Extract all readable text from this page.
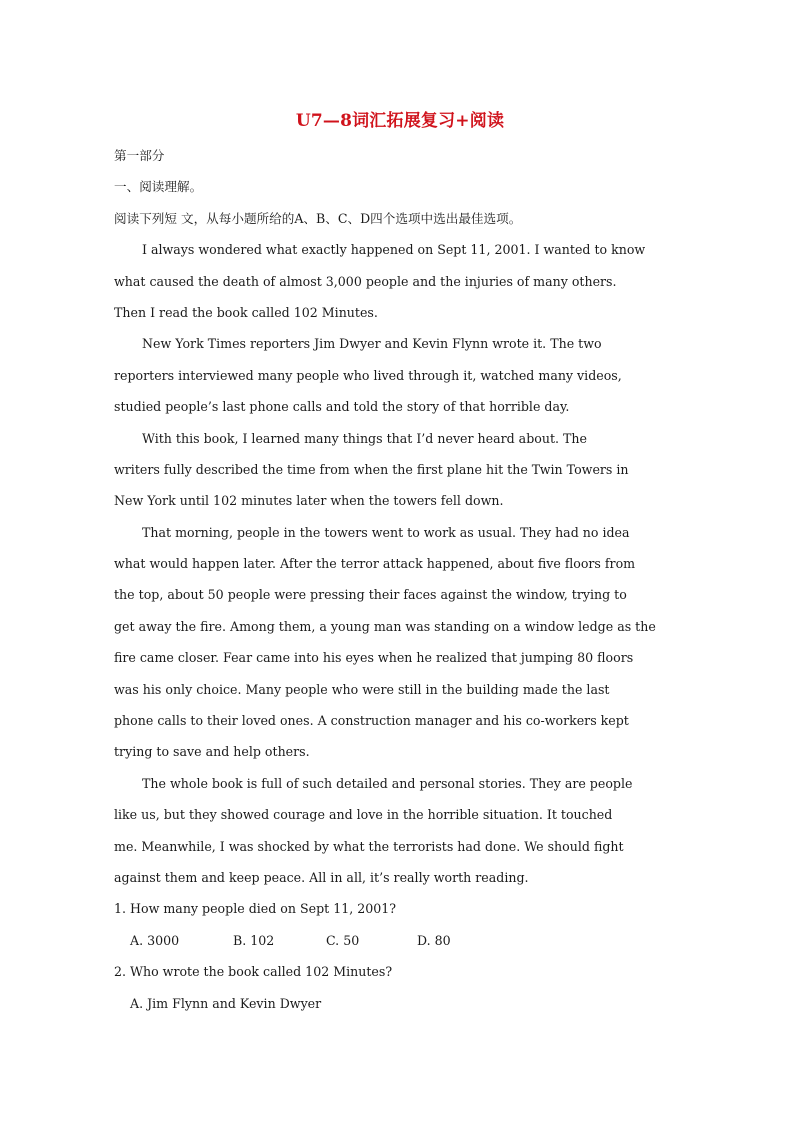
U7—8词汇拓展复习+阅读
第一部分
一、阅读理解。
阅读下列短 文，从每小题所给的A、B、C、D四个选项中选出最佳选项。
I always wondered what exactly happened on Sept 11, 2001. I wanted to know
what caused the death of almost 3,000 people and the injuries of many others.
Then I read the book called 102 Minutes.
New York Times reporters Jim Dwyer and Kevin Flynn wrote it. The two
reporters interviewed many people who lived through it, watched many videos,
studied people’s last phone calls and told the story of that horrible day.
With this book, I learned many things that I’d never heard about. The
writers fully described the time from when the first plane hit the Twin Towers in
New York until 102 minutes later when the towers fell down.
That morning, people in the towers went to work as usual. They had no idea
what would happen later. After the terror attack happened, about five floors from
the top, about 50 people were pressing their faces against the window, trying to
get away the fire. Among them, a young man was standing on a window ledge as the
fire came closer. Fear came into his eyes when he realized that jumping 80 floors
was his only choice. Many people who were still in the building made the last
phone calls to their loved ones. A construction manager and his co-workers kept
trying to save and help others.
The whole book is full of such detailed and personal stories. They are people
like us, but they showed courage and love in the horrible situation. It touched
me. Meanwhile, I was shocked by what the terrorists had done. We should fight
against them and keep peace. All in all, it’s really worth reading.
1. How many people died on Sept 11, 2001?
A. 3000	B. 102	C. 50	D. 80
2. Who wrote the book called 102 Minutes?
A. Jim Flynn and Kevin Dwyer
